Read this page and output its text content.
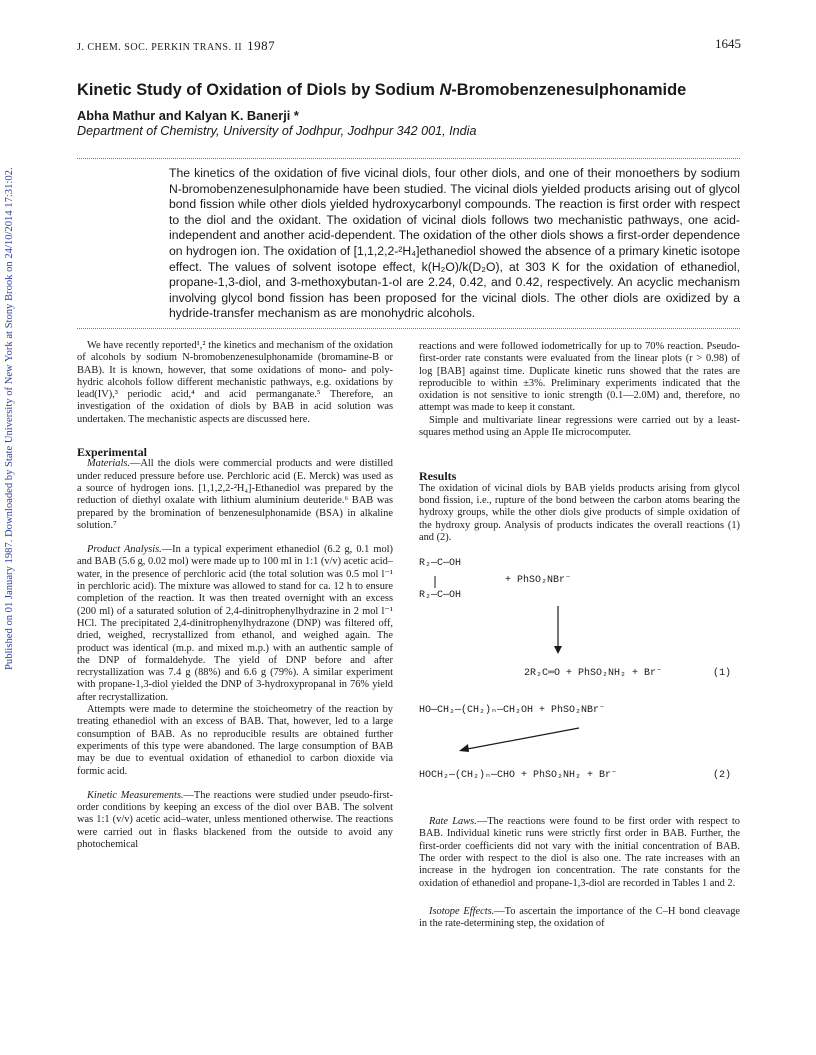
Published on 01 January 1987. Downloaded by State University of New York at Stony Brook on 24/10/2014 17:31:02.
J. CHEM. SOC. PERKIN TRANS. II 1987	1645
Kinetic Study of Oxidation of Diols by Sodium N-Bromobenzenesulphonamide

Abha Mathur and Kalyan K. Banerji *

Department of Chemistry, University of Jodhpur, Jodhpur 342 001, India

The kinetics of the oxidation of five vicinal diols, four other diols, and one of their monoethers by sodium N-bromobenzenesulphonamide have been studied. The vicinal diols yielded products arising out of glycol bond fission while other diols yielded hydroxycarbonyl compounds. The reaction is first order with respect to the diol and the oxidant. The oxidation of vicinal diols follows two mechanistic pathways, one acid-independent and another acid-dependent. The oxidation of the other diols shows a first-order dependence on hydrogen ion. The oxidation of [1,1,2,2-²H₄]ethanediol showed the absence of a primary kinetic isotope effect. The values of solvent isotope effect, k(H₂O)/k(D₂O), at 303 K for the oxidation of ethanediol, propane-1,3-diol, and 3-methoxybutan-1-ol are 2.24, 0.42, and 0.42, respectively. An acyclic mechanism involving glycol bond fission has been proposed for the vicinal diols. The other diols are oxidized by a hydride-transfer mechanism as are monohydric alcohols.

We have recently reported¹,² the kinetics and mechanism of the oxidation of alcohols by sodium N-bromobenzenesulphonamide (bromamine-B or BAB). It is known, however, that some oxidations of mono- and poly-hydric alcohols follow different mechanistic pathways, e.g. oxidations by lead(IV),³ periodic acid,⁴ and acid permanganate.⁵ Therefore, an investigation of the oxidation of diols by BAB in acid solution was undertaken. The mechanistic aspects are discussed here.

Experimental

Materials.—All the diols were commercial products and were distilled under reduced pressure before use. Perchloric acid (E. Merck) was used as a source of hydrogen ions. [1,1,2,2-²H₄]-Ethanediol was prepared by the reduction of diethyl oxalate with lithium aluminium deuteride.⁶ BAB was prepared by the bromination of benzenesulphonamide (BSA) in alkaline solution.⁷

Product Analysis.—In a typical experiment ethanediol (6.2 g, 0.1 mol) and BAB (5.6 g, 0.02 mol) were made up to 100 ml in 1:1 (v/v) acetic acid–water, in the presence of perchloric acid (the total solution was 0.5 mol l⁻¹ in perchloric acid). The mixture was allowed to stand for ca. 12 h to ensure completion of the reaction. It was then treated overnight with an excess (200 ml) of a saturated solution of 2,4-dinitrophenylhydrazine in 2 mol l⁻¹ HCl. The precipitated 2,4-dinitrophenylhydrazone (DNP) was filtered off, dried, weighed, recrystallized from ethanol, and weighed again. The product was identical (m.p. and mixed m.p.) with an authentic sample of the DNP of formaldehyde. The yield of DNP before and after recrystallization was 7.4 g (88%) and 6.6 g (79%). A similar experiment with propane-1,3-diol yielded the DNP of 3-hydroxypropanal in 76% yield after recrystallization.

Attempts were made to determine the stoicheometry of the reaction by treating ethanediol with an excess of BAB. That, however, led to a large consumption of BAB. As no reproducible results are obtained further experiments of this type were abandoned. The large consumption of BAB may be due to eventual oxidation of ethanediol to carbon dioxide via formic acid.

Kinetic Measurements.—The reactions were studied under pseudo-first-order conditions by keeping an excess of the diol over BAB. The solvent was 1:1 (v/v) acetic acid–water, unless mentioned otherwise. The reactions were carried out in flasks blackened from the outside to avoid any photochemical

reactions and were followed iodometrically for up to 70% reaction. Pseudo-first-order rate constants were evaluated from the linear plots (r > 0.98) of log [BAB] against time. Duplicate kinetic runs showed that the rates are reproducible to within ±3%. Preliminary experiments indicated that the oxidation is not sensitive to ionic strength (0.1—2.0M) and, therefore, no attempt was made to keep it constant.

Simple and multivariate linear regressions were carried out by a least-squares method using an Apple IIe microcomputer.

Results

The oxidation of vicinal diols by BAB yields products arising from glycol bond fission, i.e., rupture of the bond between the carbon atoms bearing the hydroxy groups, while the other diols give products of simple oxidation of the hydroxy group. Analysis of products indicates the overall reactions (1) and (2).

R₂—C—OH
+ PhSO₂NBr⁻
R₂—C—OH
2R₂C═O + PhSO₂NH₂ + Br⁻	(1)
HO—CH₂—(CH₂)ₙ—CH₂OH + PhSO₂NBr⁻
HOCH₂—(CH₂)ₙ—CHO + PhSO₂NH₂ + Br⁻	(2)

Rate Laws.—The reactions were found to be first order with respect to BAB. Individual kinetic runs were strictly first order in BAB. Further, the first-order coefficients did not vary with the initial concentration of BAB. The order with respect to the diol is also one. The rate increases with an increase in the hydrogen ion concentration. The rate constants for the oxidation of ethanediol and propane-1,3-diol are recorded in Tables 1 and 2.

Isotope Effects.—To ascertain the importance of the C–H bond cleavage in the rate-determining step, the oxidation of
